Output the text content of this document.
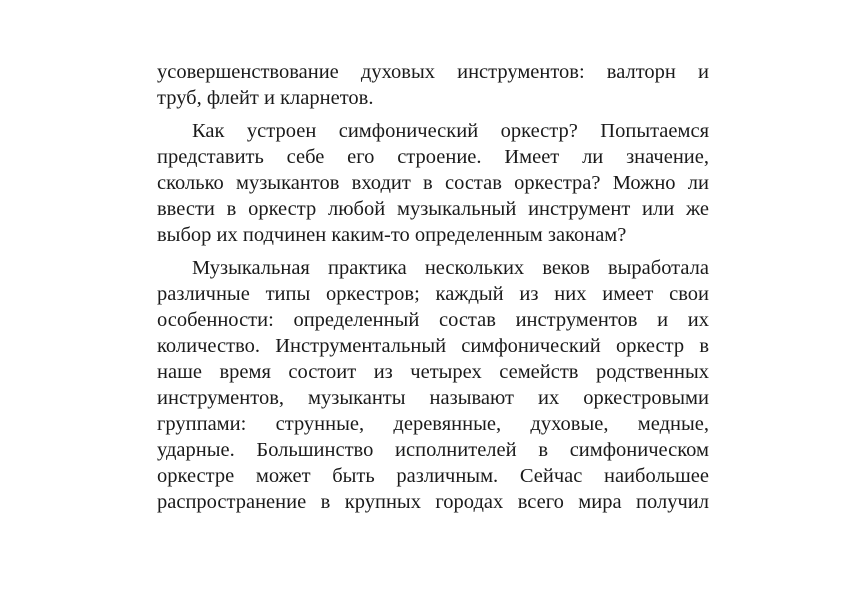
усовершенствование духовых инструментов: валторн и
труб, флейт и кларнетов.
Как устроен симфонический оркестр? Попытаемся
представить себе его строение. Имеет ли значение,
сколько музыкантов входит в состав оркестра? Можно ли
ввести в оркестр любой музыкальный инструмент или же
выбор их подчинен каким-то определенным законам?
Музыкальная практика нескольких веков выработала
различные типы оркестров; каждый из них имеет свои
особенности: определенный состав инструментов и их
количество. Инструментальный симфонический оркестр в
наше время состоит из четырех семейств родственных
инструментов, музыканты называют их оркестровыми
группами: струнные, деревянные, духовые, медные,
ударные. Большинство исполнителей в симфоническом
оркестре может быть различным. Сейчас наибольшее
распространение в крупных городах всего мира получил
